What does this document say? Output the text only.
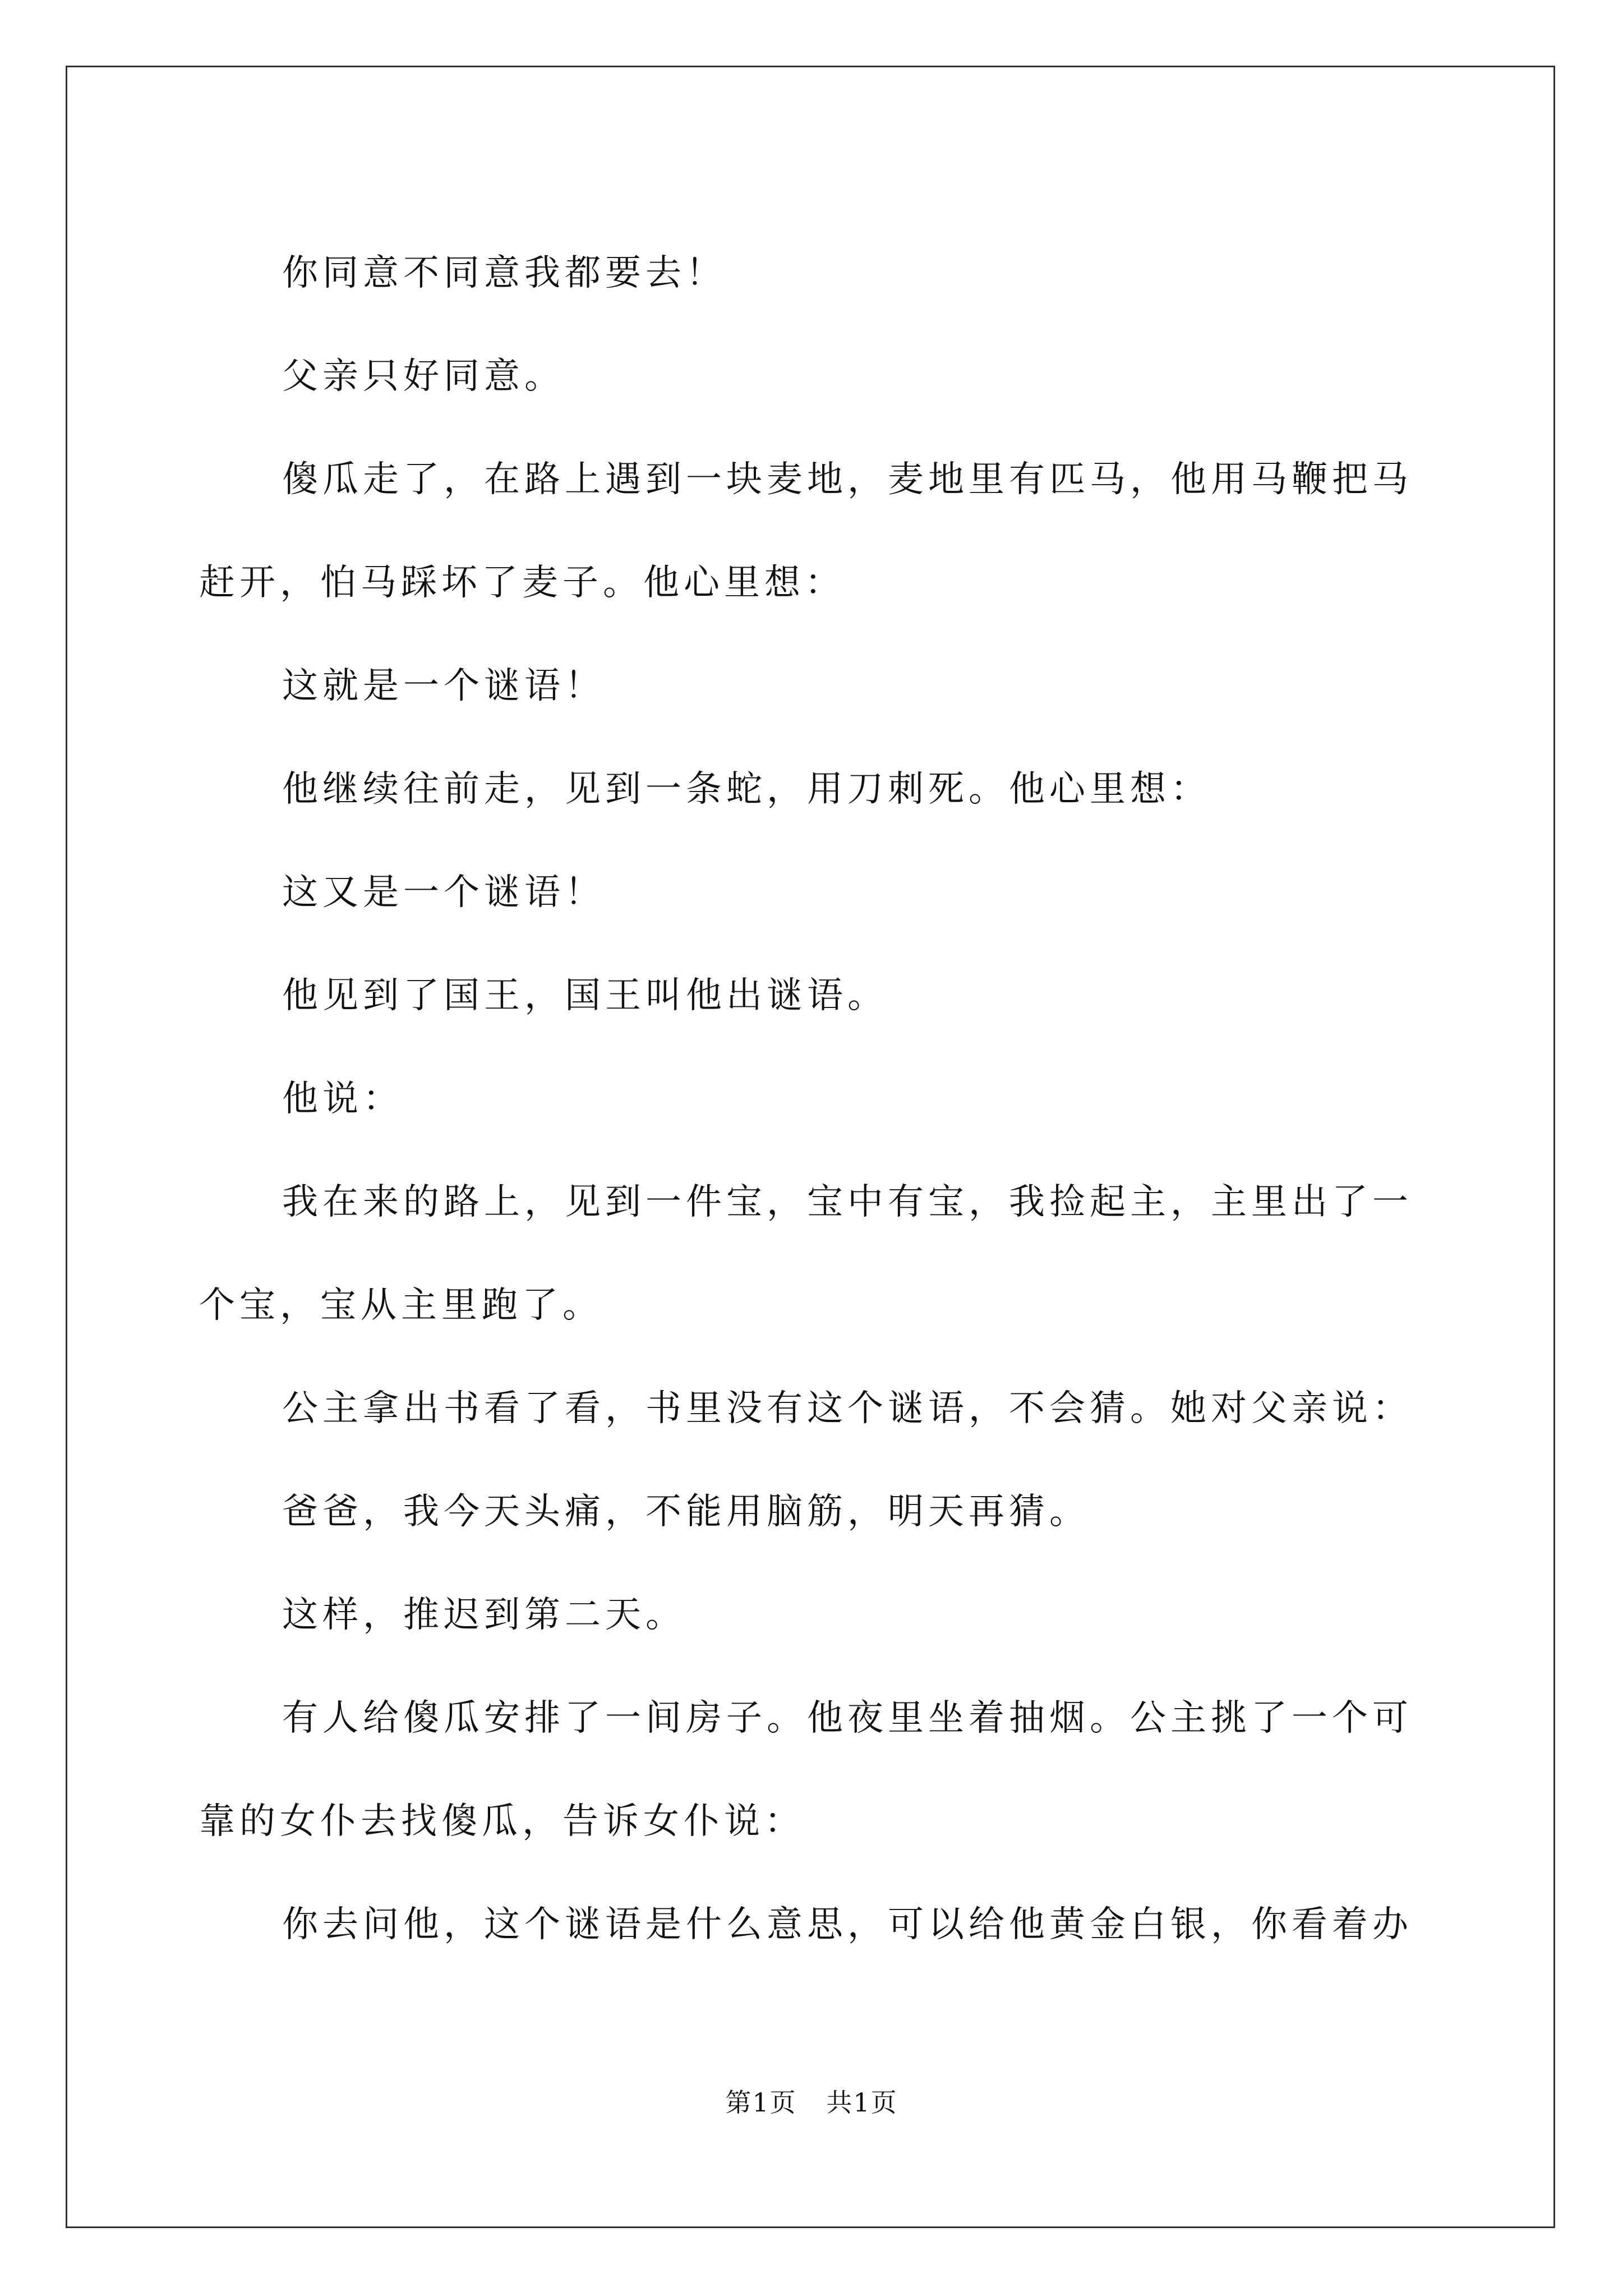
你同意不同意我都要去！

父亲只好同意。

傻瓜走了，在路上遇到一块麦地，麦地里有匹马，他用马鞭把马赶开，怕马踩坏了麦子。他心里想：

这就是一个谜语！

他继续往前走，见到一条蛇，用刀刺死。他心里想：

这又是一个谜语！

他见到了国王，国王叫他出谜语。

他说：

我在来的路上，见到一件宝，宝中有宝，我捡起主，主里出了一个宝，宝从主里跑了。

公主拿出书看了看，书里没有这个谜语，不会猜。她对父亲说：

爸爸，我今天头痛，不能用脑筋，明天再猜。

这样，推迟到第二天。

有人给傻瓜安排了一间房子。他夜里坐着抽烟。公主挑了一个可靠的女仆去找傻瓜，告诉女仆说：

你去问他，这个谜语是什么意思，可以给他黄金白银，你看着办

第1页 共1页
